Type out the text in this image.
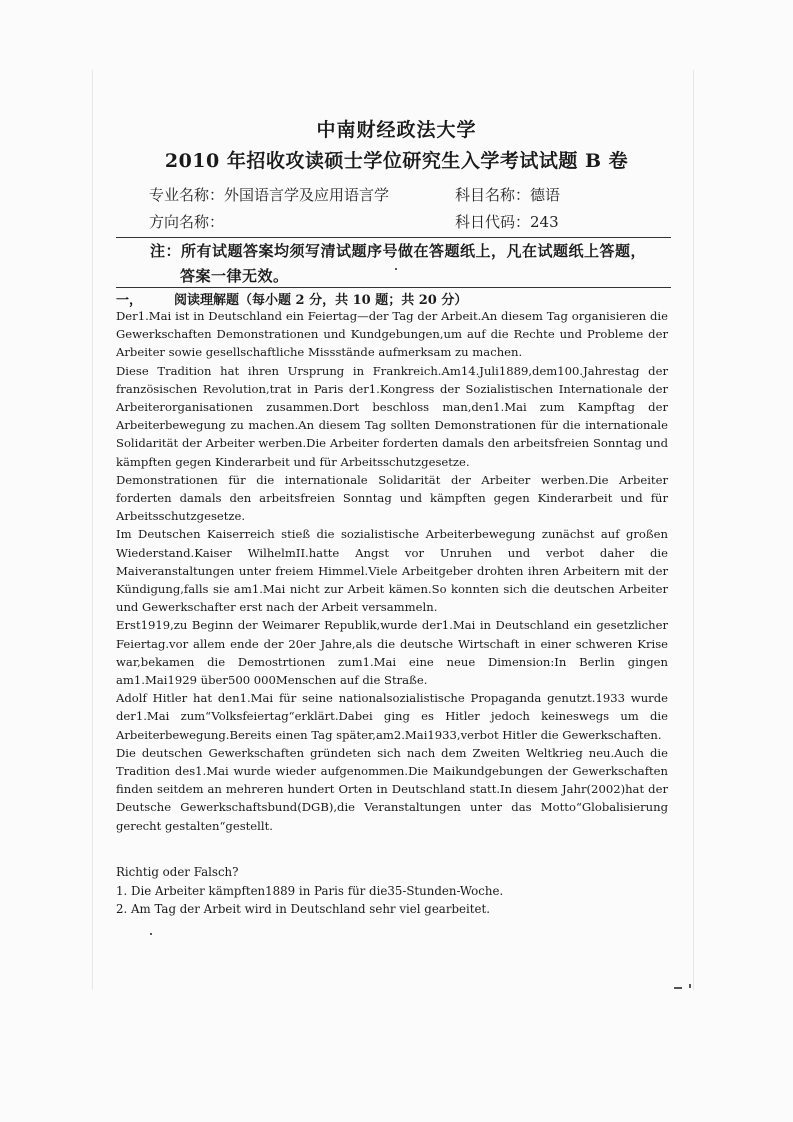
中南财经政法大学
2010 年招收攻读硕士学位研究生入学考试试题 B 卷
专业名称：外国语言学及应用语言学	科目名称：德语
方向名称：	科日代码：243
注：所有试题答案均须写清试题序号做在答题纸上，凡在试题纸上答题，
答案一律无效。
一， 阅读理解题（每小题 2 分，共 10 题；共 20 分）

Der1.Mai ist in Deutschland ein Feiertag—der Tag der Arbeit.An diesem Tag organisieren die Gewerkschaften Demonstrationen und Kundgebungen,um auf die Rechte und Probleme der Arbeiter sowie gesellschaftliche Missstände aufmerksam zu machen.

Diese Tradition hat ihren Ursprung in Frankreich.Am14.Juli1889,dem100.Jahrestag der französischen Revolution,trat in Paris der1.Kongress der Sozialistischen Internationale der Arbeiterorganisationen zusammen.Dort beschloss man,den1.Mai zum Kampftag der Arbeiterbewegung zu machen.An diesem Tag sollten Demonstrationen für die internationale Solidarität der Arbeiter werben.Die Arbeiter forderten damals den arbeitsfreien Sonntag und kämpften gegen Kinderarbeit und für Arbeitsschutzgesetze.

Demonstrationen für die internationale Solidarität der Arbeiter werben.Die Arbeiter forderten damals den arbeitsfreien Sonntag und kämpften gegen Kinderarbeit und für Arbeitsschutzgesetze.

Im Deutschen Kaiserreich stieß die sozialistische Arbeiterbewegung zunächst auf großen Wiederstand.Kaiser WilhelmII.hatte Angst vor Unruhen und verbot daher die Maiveranstaltungen unter freiem Himmel.Viele Arbeitgeber drohten ihren Arbeitern mit der Kündigung,falls sie am1.Mai nicht zur Arbeit kämen.So konnten sich die deutschen Arbeiter und Gewerkschafter erst nach der Arbeit versammeln.

Erst1919,zu Beginn der Weimarer Republik,wurde der1.Mai in Deutschland ein gesetzlicher Feiertag.vor allem ende der 20er Jahre,als die deutsche Wirtschaft in einer schweren Krise war,bekamen die Demostrtionen zum1.Mai eine neue Dimension:In Berlin gingen am1.Mai1929 über500 000Menschen auf die Straße.

Adolf Hitler hat den1.Mai für seine nationalsozialistische Propaganda genutzt.1933 wurde der1.Mai zum“Volksfeiertag“erklärt.Dabei ging es Hitler jedoch keineswegs um die Arbeiterbewegung.Bereits einen Tag später,am2.Mai1933,verbot Hitler die Gewerkschaften.

Die deutschen Gewerkschaften gründeten sich nach dem Zweiten Weltkrieg neu.Auch die Tradition des1.Mai wurde wieder aufgenommen.Die Maikundgebungen der Gewerkschaften finden seitdem an mehreren hundert Orten in Deutschland statt.In diesem Jahr(2002)hat der Deutsche Gewerkschaftsbund(DGB),die Veranstaltungen unter das Motto“Globalisierung gerecht gestalten“gestellt.

Richtig oder Falsch?

1. Die Arbeiter kämpften1889 in Paris für die35-Stunden-Woche.

2. Am Tag der Arbeit wird in Deutschland sehr viel gearbeitet.
